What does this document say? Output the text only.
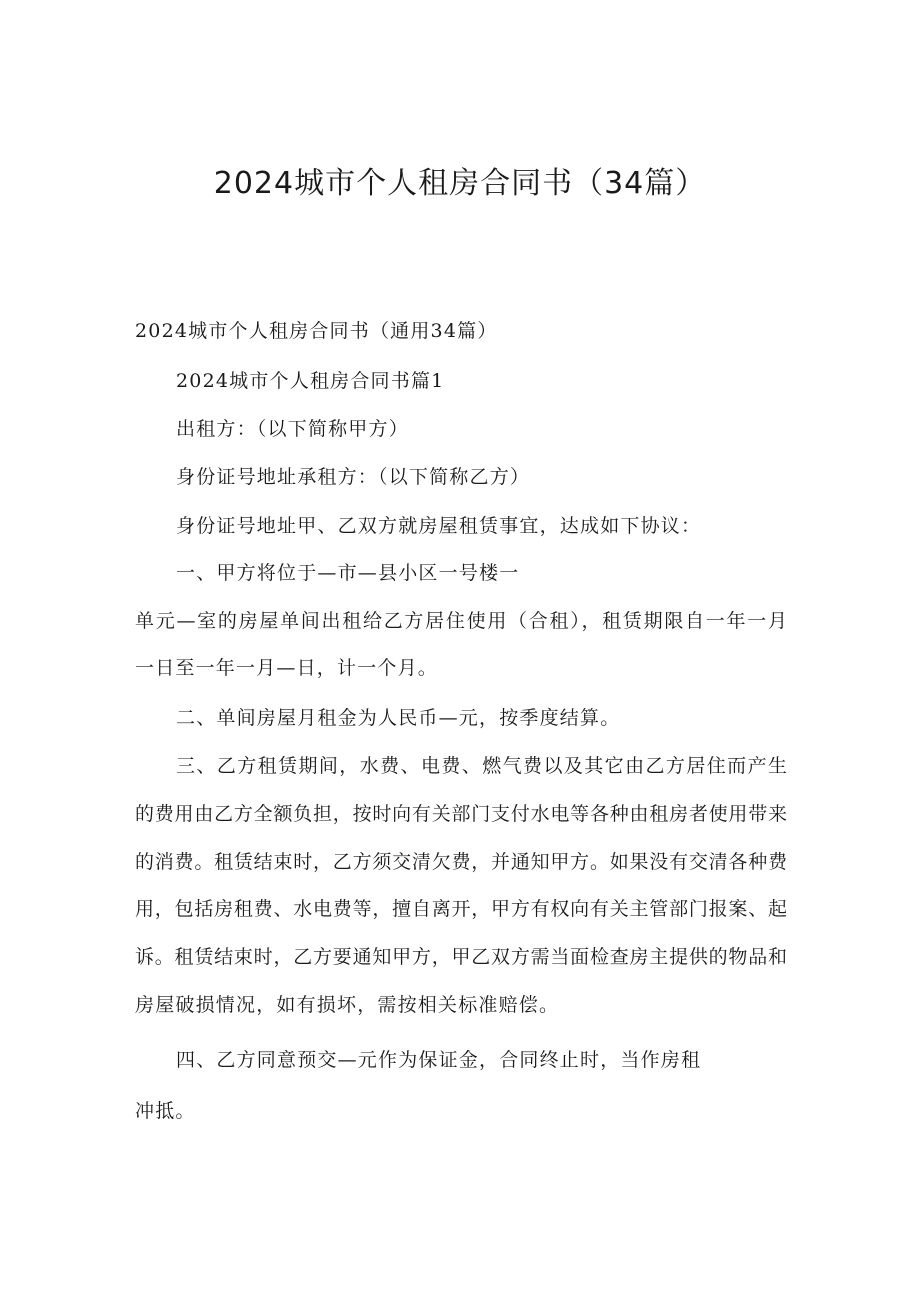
2024城市个人租房合同书（34篇）
2024城市个人租房合同书（通用34篇）
2024城市个人租房合同书篇1
出租方：（以下简称甲方）
身份证号地址承租方：（以下简称乙方）
身份证号地址甲、乙双方就房屋租赁事宜，达成如下协议：
一、甲方将位于—市—县小区一号楼一
单元—室的房屋单间出租给乙方居住使用（合租），租赁期限自一年一月
一日至一年一月—日，计一个月。
二、单间房屋月租金为人民币—元，按季度结算。
三、乙方租赁期间，水费、电费、燃气费以及其它由乙方居住而产生
的费用由乙方全额负担，按时向有关部门支付水电等各种由租房者使用带来
的消费。租赁结束时，乙方须交清欠费，并通知甲方。如果没有交清各种费
用，包括房租费、水电费等，擅自离开，甲方有权向有关主管部门报案、起
诉。租赁结束时，乙方要通知甲方，甲乙双方需当面检查房主提供的物品和
房屋破损情况，如有损坏，需按相关标准赔偿。
四、乙方同意预交—元作为保证金，合同终止时，当作房租
冲抵。
